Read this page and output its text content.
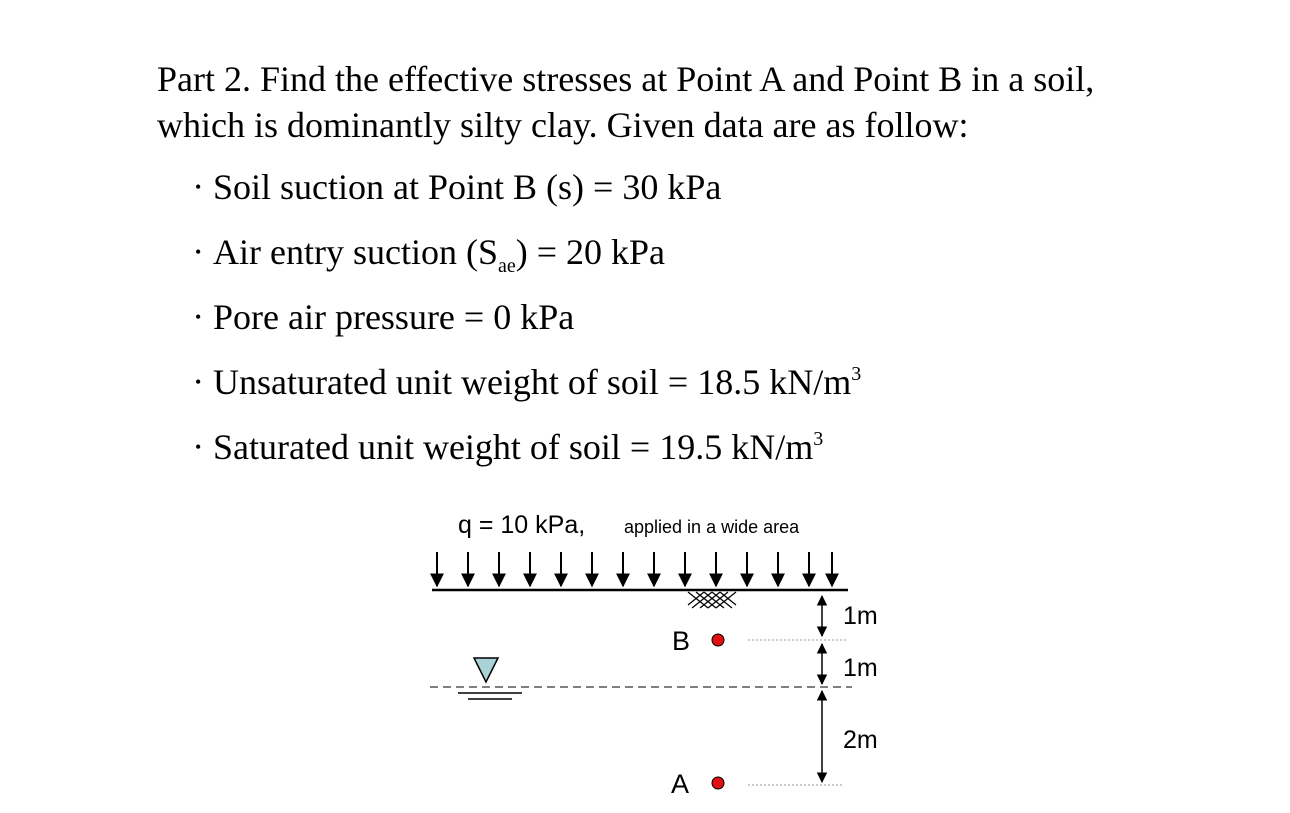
Part 2. Find the effective stresses at Point A and Point B in a soil, which is dominantly silty clay. Given data are as follow:

• Soil suction at Point B (s) = 30 kPa
• Air entry suction $(S_{ae}) = 20$ kPa
• Pore air pressure = 0 kPa
• Unsaturated unit weight of soil = 18.5 $kN/m^3$
• Saturated unit weight of soil = 19.5 $kN/m^3$
q = 10 kPa, applied in a wide area
B
A
1m
1m
2m
